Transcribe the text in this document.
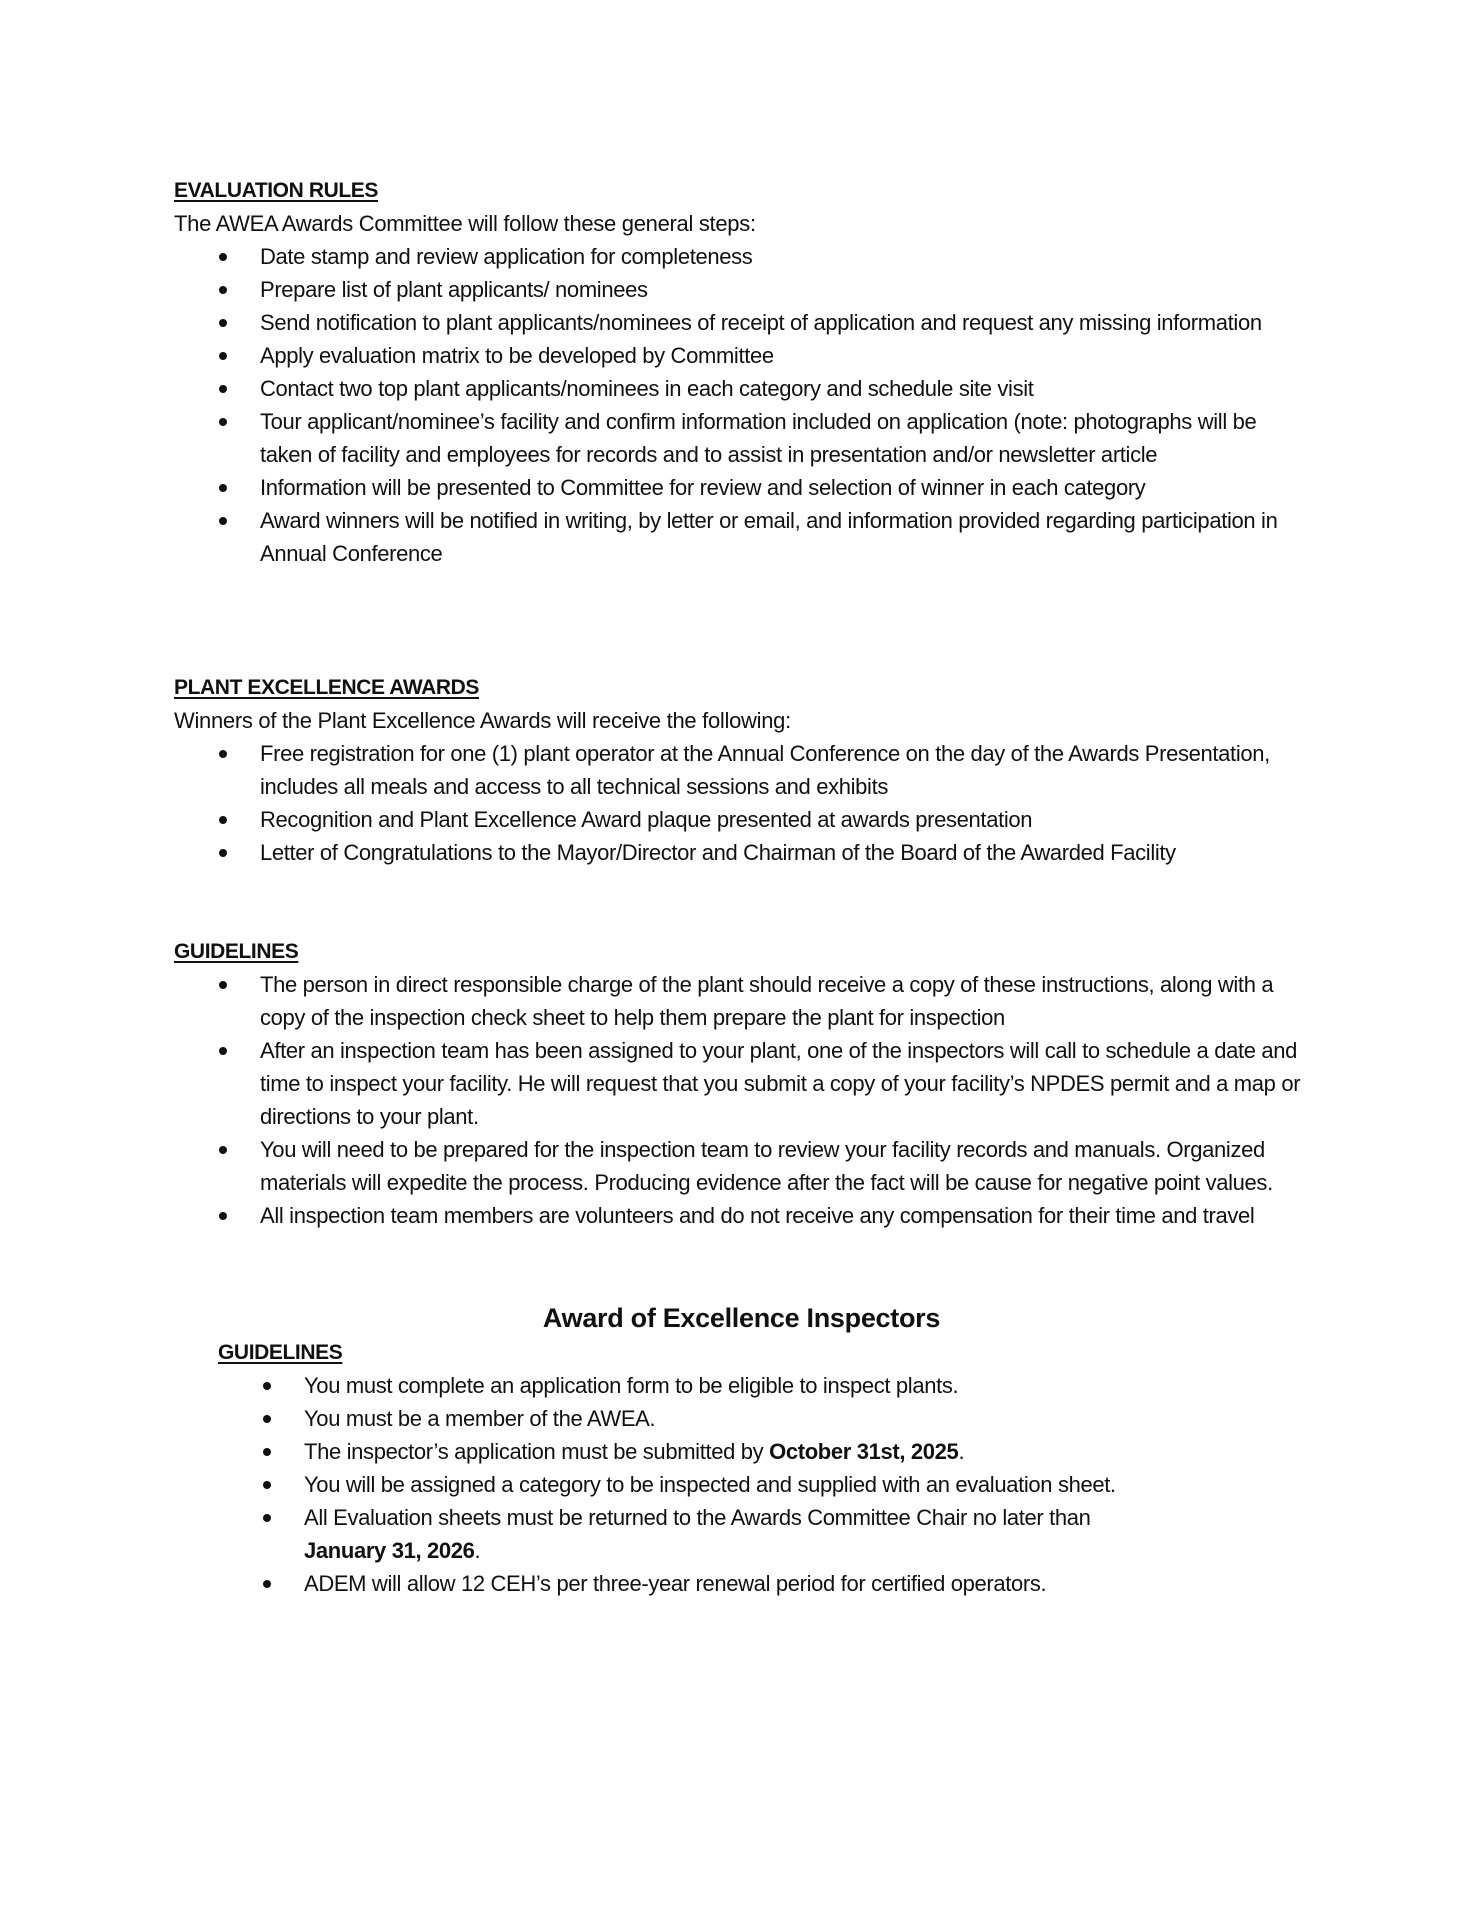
EVALUATION RULES
The AWEA Awards Committee will follow these general steps:
Date stamp and review application for completeness
Prepare list of plant applicants/ nominees
Send notification to plant applicants/nominees of receipt of application and request any missing information
Apply evaluation matrix to be developed by Committee
Contact two top plant applicants/nominees in each category and schedule site visit
Tour applicant/nominee’s facility and confirm information included on application (note: photographs will be taken of facility and employees for records and to assist in presentation and/or newsletter article
Information will be presented to Committee for review and selection of winner in each category
Award winners will be notified in writing, by letter or email, and information provided regarding participation in Annual Conference
PLANT EXCELLENCE AWARDS
Winners of the Plant Excellence Awards will receive the following:
Free registration for one (1) plant operator at the Annual Conference on the day of the Awards Presentation, includes all meals and access to all technical sessions and exhibits
Recognition and Plant Excellence Award plaque presented at awards presentation
Letter of Congratulations to the Mayor/Director and Chairman of the Board of the Awarded Facility
GUIDELINES
The person in direct responsible charge of the plant should receive a copy of these instructions, along with a copy of the inspection check sheet to help them prepare the plant for inspection
After an inspection team has been assigned to your plant, one of the inspectors will call to schedule a date and time to inspect your facility. He will request that you submit a copy of your facility’s NPDES permit and a map or directions to your plant.
You will need to be prepared for the inspection team to review your facility records and manuals. Organized materials will expedite the process. Producing evidence after the fact will be cause for negative point values.
All inspection team members are volunteers and do not receive any compensation for their time and travel
Award of Excellence Inspectors
GUIDELINES
You must complete an application form to be eligible to inspect plants.
You must be a member of the AWEA.
The inspector’s application must be submitted by October 31st, 2025.
You will be assigned a category to be inspected and supplied with an evaluation sheet.
All Evaluation sheets must be returned to the Awards Committee Chair no later than
January 31, 2026.
ADEM will allow 12 CEH’s per three-year renewal period for certified operators.
